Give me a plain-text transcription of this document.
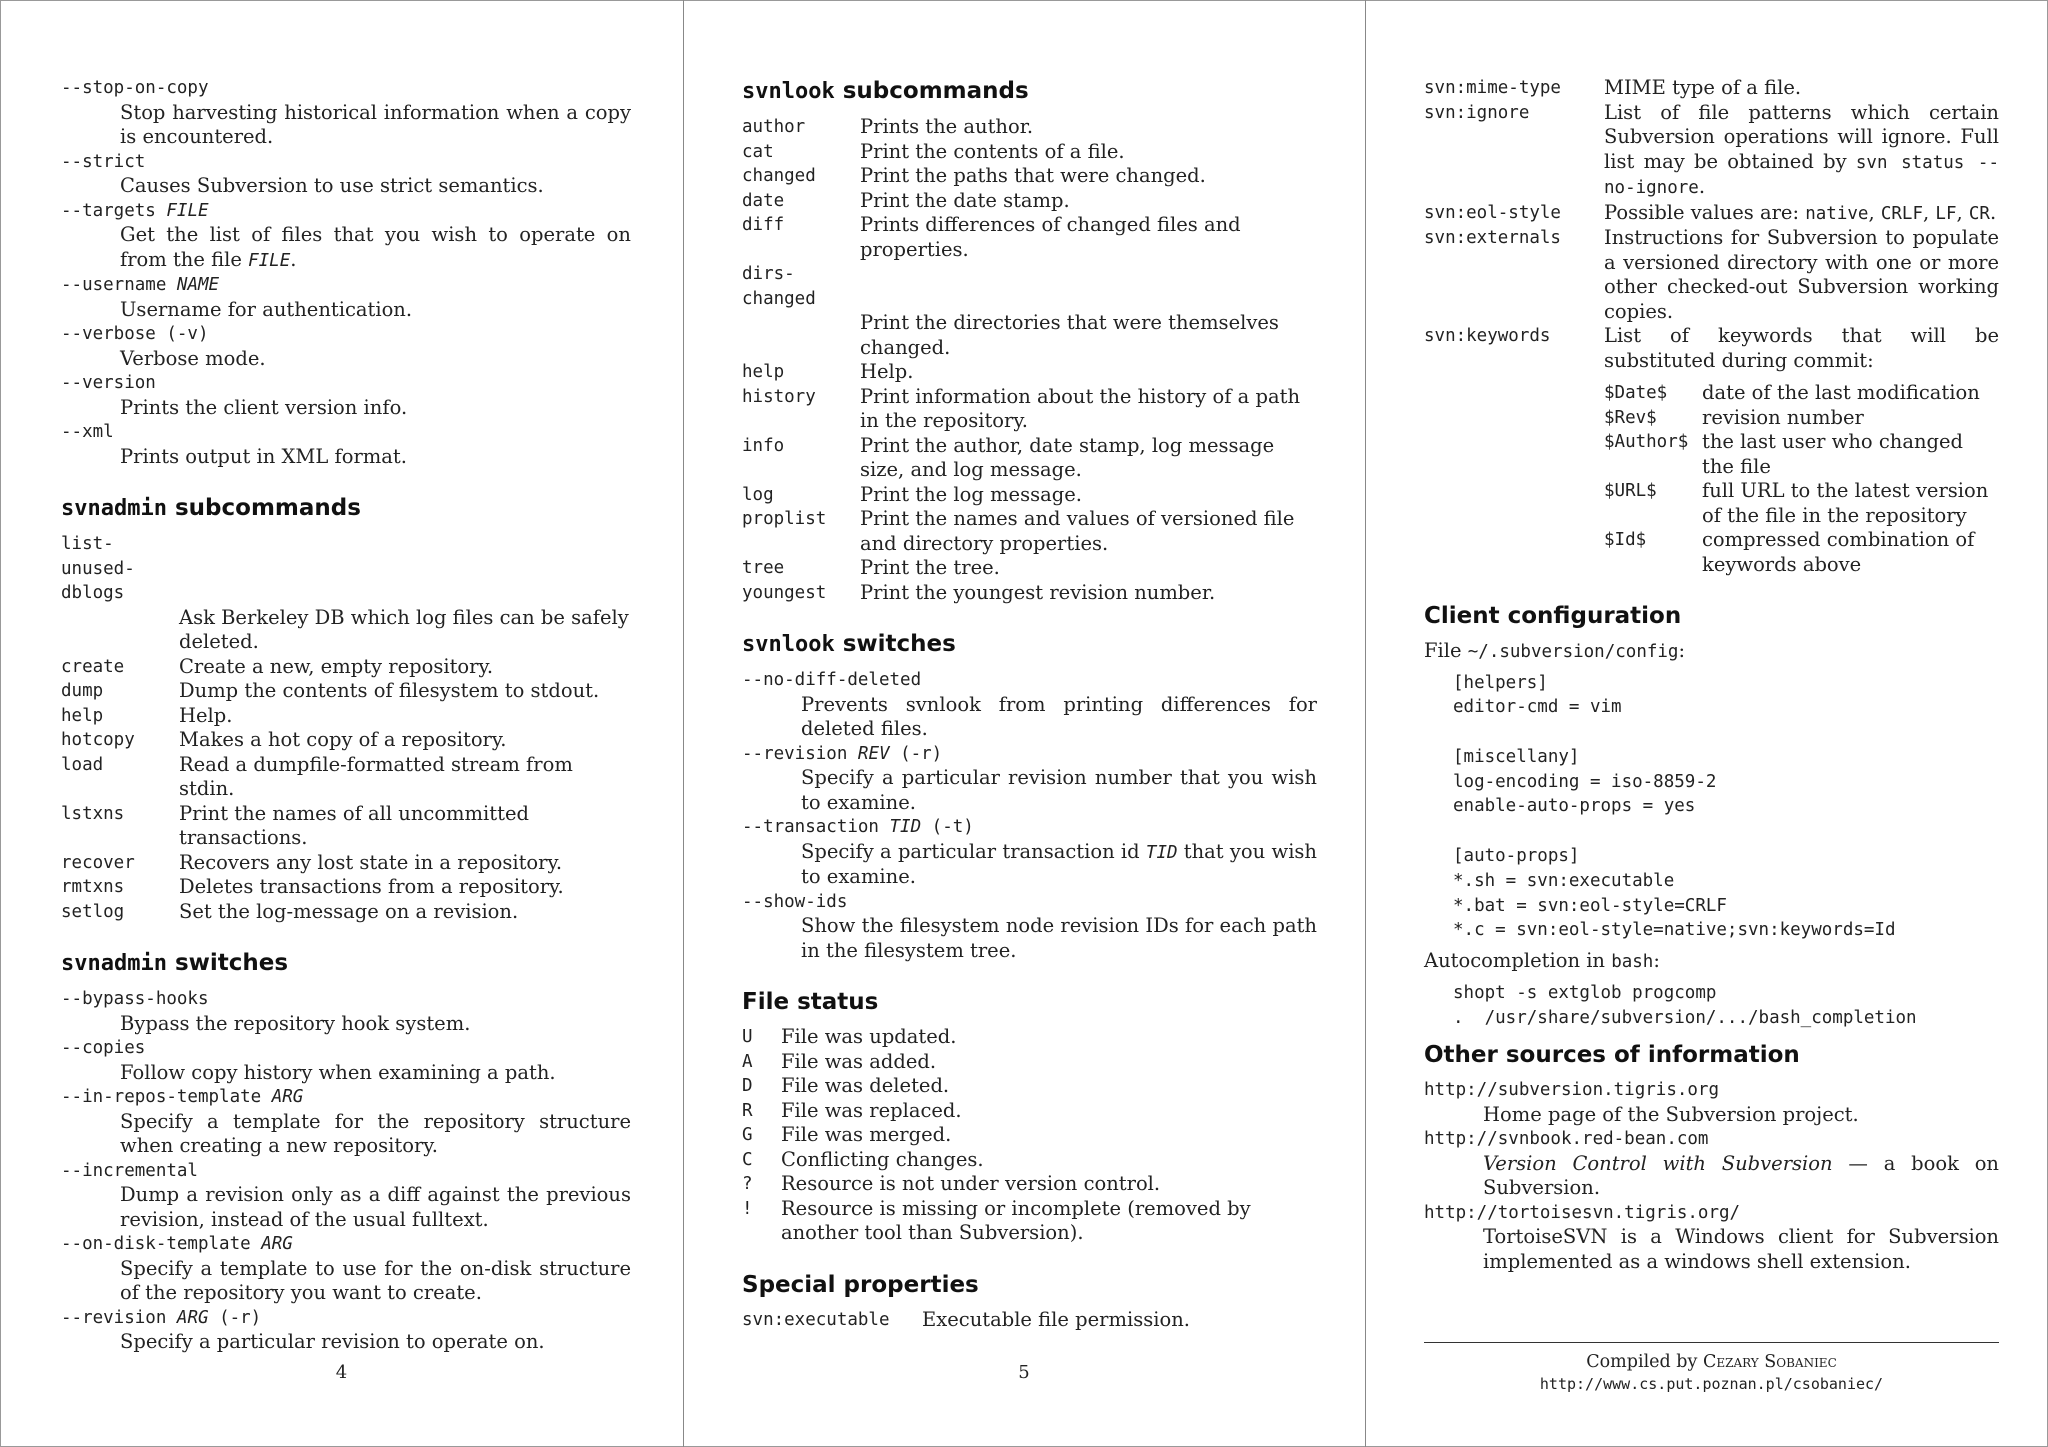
--stop-on-copy
Stop harvesting historical information when a copy is encountered.
--strict
Causes Subversion to use strict semantics.
--targets FILE
Get the list of files that you wish to operate on from the file FILE.
--username NAME
Username for authentication.
--verbose (-v)
Verbose mode.
--version
Prints the client version info.
--xml
Prints output in XML format.
svnadmin subcommands
list-unused-dblogs
Ask Berkeley DB which log files can be safely deleted.
create	Create a new, empty repository.
dump	Dump the contents of filesystem to stdout.
help	Help.
hotcopy	Makes a hot copy of a repository.
load	Read a dumpfile-formatted stream from stdin.
lstxns	Print the names of all uncommitted transactions.
recover	Recovers any lost state in a repository.
rmtxns	Deletes transactions from a repository.
setlog	Set the log-message on a revision.
svnadmin switches
--bypass-hooks
Bypass the repository hook system.
--copies
Follow copy history when examining a path.
--in-repos-template ARG
Specify a template for the repository structure when creating a new repository.
--incremental
Dump a revision only as a diff against the previous revision, instead of the usual fulltext.
--on-disk-template ARG
Specify a template to use for the on-disk structure of the repository you want to create.
--revision ARG (-r)
Specify a particular revision to operate on.
4
svnlook subcommands
author	Prints the author.
cat	Print the contents of a file.
changed	Print the paths that were changed.
date	Print the date stamp.
diff	Prints differences of changed files and properties.
dirs-changed
Print the directories that were themselves changed.
help	Help.
history	Print information about the history of a path in the repository.
info	Print the author, date stamp, log message size, and log message.
log	Print the log message.
proplist	Print the names and values of versioned file and directory properties.
tree	Print the tree.
youngest	Print the youngest revision number.
svnlook switches
--no-diff-deleted
Prevents svnlook from printing differences for deleted files.
--revision REV (-r)
Specify a particular revision number that you wish to examine.
--transaction TID (-t)
Specify a particular transaction id TID that you wish to examine.
--show-ids
Show the filesystem node revision IDs for each path in the filesystem tree.
File status
U	File was updated.
A	File was added.
D	File was deleted.
R	File was replaced.
G	File was merged.
C	Conflicting changes.
?	Resource is not under version control.
!	Resource is missing or incomplete (removed by another tool than Subversion).
Special properties
svn:executable	Executable file permission.
5
svn:mime-type	MIME type of a file.
svn:ignore	List of file patterns which certain Subversion operations will ignore. Full list may be obtained by svn status --no-ignore.
svn:eol-style	Possible values are: native, CRLF, LF, CR.
svn:externals	Instructions for Subversion to populate a versioned directory with one or more other checked-out Subversion working copies.
svn:keywords	List of keywords that will be substituted during commit:
$Date$	date of the last modification
$Rev$	revision number
$Author$ the last user who changed the file
$URL$	full URL to the latest version of the file in the repository
$Id$	compressed combination of keywords above
Client configuration
File ~/.subversion/config:
[helpers]
editor-cmd = vim

[miscellany]
log-encoding = iso-8859-2
enable-auto-props = yes

[auto-props]
*.sh = svn:executable
*.bat = svn:eol-style=CRLF
*.c = svn:eol-style=native;svn:keywords=Id
Autocompletion in bash:
shopt -s extglob progcomp
.  /usr/share/subversion/.../bash_completion
Other sources of information
http://subversion.tigris.org
Home page of the Subversion project.
http://svnbook.red-bean.com
Version Control with Subversion — a book on Subversion.
http://tortoisesvn.tigris.org/
TortoiseSVN is a Windows client for Subversion implemented as a windows shell extension.
Compiled by Cezary Sobaniec
http://www.cs.put.poznan.pl/csobaniec/
